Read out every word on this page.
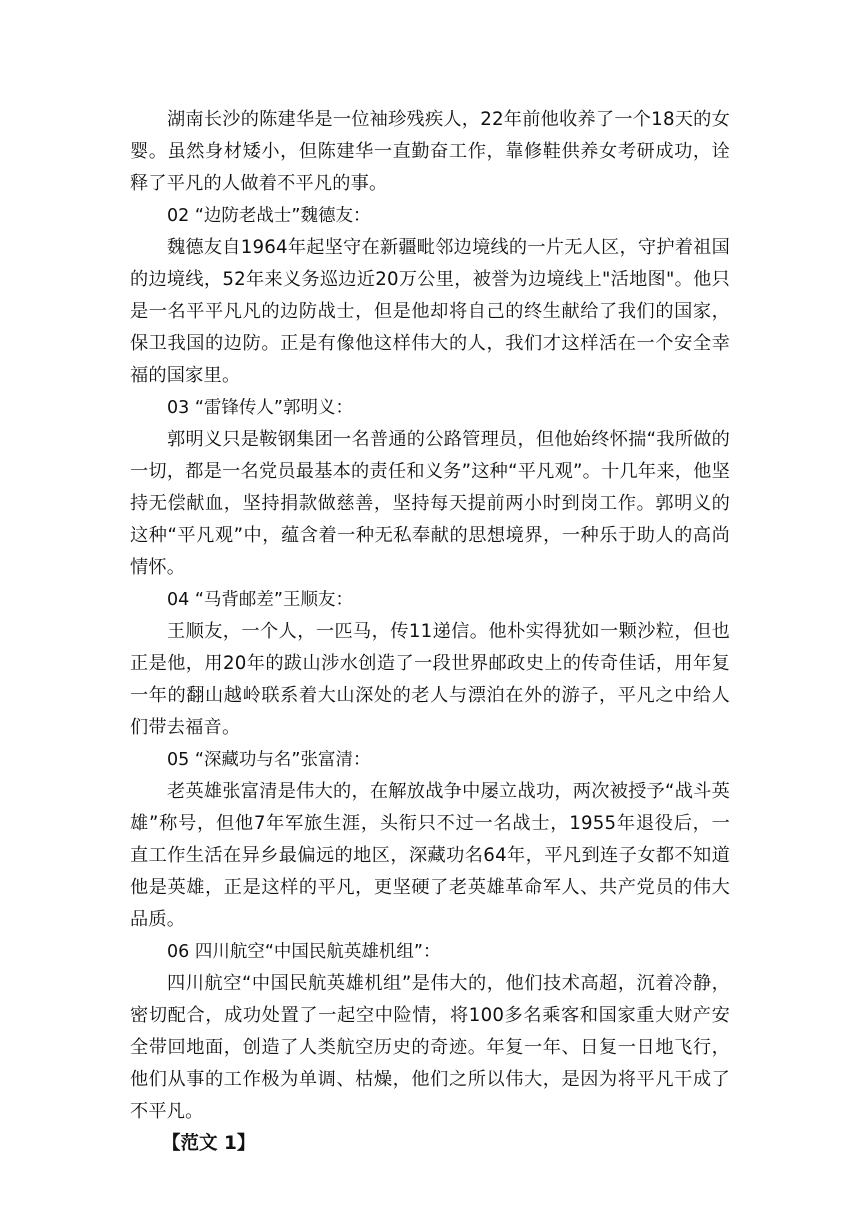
湖南长沙的陈建华是一位袖珍残疾人，22年前他收养了一个18天的女婴。虽然身材矮小，但陈建华一直勤奋工作，靠修鞋供养女考研成功，诠释了平凡的人做着不平凡的事。

02 “边防老战士”魏德友：

魏德友自1964年起坚守在新疆毗邻边境线的一片无人区，守护着祖国的边境线，52年来义务巡边近20万公里，被誉为边境线上"活地图"。他只是一名平平凡凡的边防战士，但是他却将自己的终生献给了我们的国家，保卫我国的边防。正是有像他这样伟大的人，我们才这样活在一个安全幸福的国家里。

03 “雷锋传人”郭明义：

郭明义只是鞍钢集团一名普通的公路管理员，但他始终怀揣“我所做的一切，都是一名党员最基本的责任和义务”这种“平凡观”。十几年来，他坚持无偿献血，坚持捐款做慈善，坚持每天提前两小时到岗工作。郭明义的这种“平凡观”中，蕴含着一种无私奉献的思想境界，一种乐于助人的高尚情怀。

04 “马背邮差”王顺友：

王顺友，一个人，一匹马，传11递信。他朴实得犹如一颗沙粒，但也正是他，用20年的跋山涉水创造了一段世界邮政史上的传奇佳话，用年复一年的翻山越岭联系着大山深处的老人与漂泊在外的游子，平凡之中给人们带去福音。

05 “深藏功与名”张富清：

老英雄张富清是伟大的，在解放战争中屡立战功，两次被授予“战斗英雄”称号，但他7年军旅生涯，头衔只不过一名战士，1955年退役后，一直工作生活在异乡最偏远的地区，深藏功名64年，平凡到连子女都不知道他是英雄，正是这样的平凡，更坚硬了老英雄革命军人、共产党员的伟大品质。

06 四川航空“中国民航英雄机组”：

四川航空“中国民航英雄机组”是伟大的，他们技术高超，沉着冷静，密切配合，成功处置了一起空中险情，将100多名乘客和国家重大财产安全带回地面，创造了人类航空历史的奇迹。年复一年、日复一日地飞行，他们从事的工作极为单调、枯燥，他们之所以伟大，是因为将平凡干成了不平凡。

【范文 1】
